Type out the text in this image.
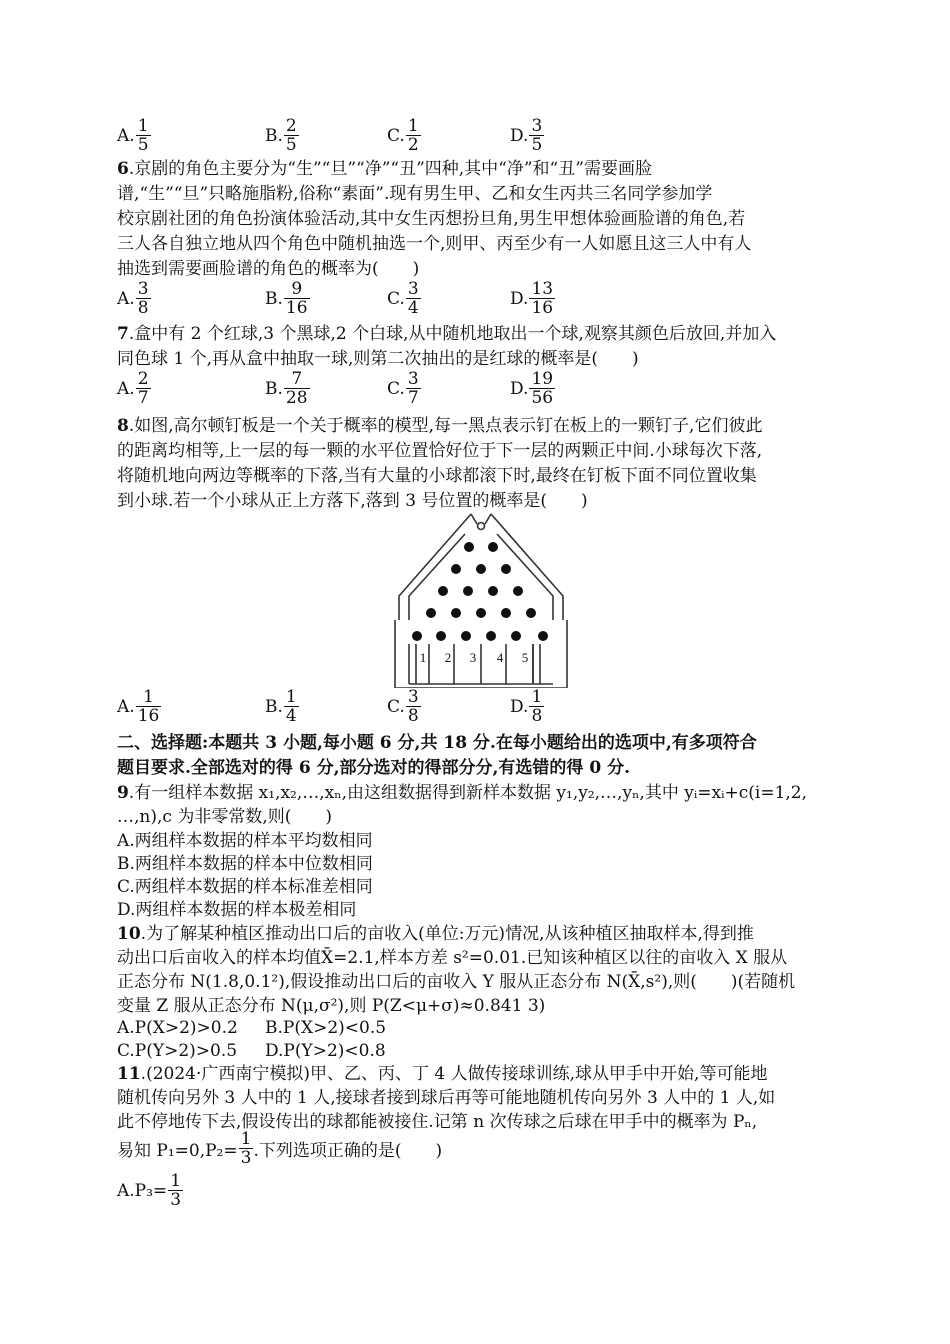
A. $\frac{1}{5}$	B. $\frac{2}{5}$	C. $\frac{1}{2}$	D. $\frac{3}{5}$
6.京剧的角色主要分为“生”“旦”“净”“丑”四种,其中“净”和“丑”需要画脸
谱,“生”“旦”只略施脂粉,俗称“素面”.现有男生甲、乙和女生丙共三名同学参加学
校京剧社团的角色扮演体验活动,其中女生丙想扮旦角,男生甲想体验画脸谱的角色,若
三人各自独立地从四个角色中随机抽选一个,则甲、丙至少有一人如愿且这三人中有人
抽选到需要画脸谱的角色的概率为(　　)
A. $\frac{3}{8}$	B. $\frac{9}{16}$	C. $\frac{3}{4}$	D. $\frac{13}{16}$
7.盒中有 2 个红球,3 个黑球,2 个白球,从中随机地取出一个球,观察其颜色后放回,并加入
同色球 1 个,再从盒中抽取一球,则第二次抽出的是红球的概率是(　　)
A. $\frac{2}{7}$	B. $\frac{7}{28}$	C. $\frac{3}{7}$	D. $\frac{19}{56}$
8.如图,高尔顿钉板是一个关于概率的模型,每一黑点表示钉在板上的一颗钉子,它们彼此
的距离均相等,上一层的每一颗的水平位置恰好位于下一层的两颗正中间.小球每次下落,
将随机地向两边等概率的下落,当有大量的小球都滚下时,最终在钉板下面不同位置收集
到小球.若一个小球从正上方落下,落到 3 号位置的概率是(　　)
1 2 3 4 5
A. $\frac{1}{16}$	B. $\frac{1}{4}$	C. $\frac{3}{8}$	D. $\frac{1}{8}$
二、选择题:本题共 3 小题,每小题 6 分,共 18 分.在每小题给出的选项中,有多项符合
题目要求.全部选对的得 6 分,部分选对的得部分分,有选错的得 0 分.
9.有一组样本数据 x₁,x₂,…,xₙ,由这组数据得到新样本数据 y₁,y₂,…,yₙ,其中 yᵢ=xᵢ+c(i=1,2,
…,n),c 为非零常数,则(　　)
A.两组样本数据的样本平均数相同
B.两组样本数据的样本中位数相同
C.两组样本数据的样本标准差相同
D.两组样本数据的样本极差相同
10.为了解某种植区推动出口后的亩收入(单位:万元)情况,从该种植区抽取样本,得到推
动出口后亩收入的样本均值X̄=2.1,样本方差 s²=0.01.已知该种植区以往的亩收入 X 服从
正态分布 N(1.8,0.1²),假设推动出口后的亩收入 Y 服从正态分布 N(X̄,s²),则(　　)(若随机
变量 Z 服从正态分布 N(μ,σ²),则 P(Z<μ+σ)≈0.841 3)
A.P(X>2)>0.2 B.P(X>2)<0.5
C.P(Y>2)>0.5 D.P(Y>2)<0.8
11.(2024·广西南宁模拟)甲、乙、丙、丁 4 人做传接球训练,球从甲手中开始,等可能地
随机传向另外 3 人中的 1 人,接球者接到球后再等可能地随机传向另外 3 人中的 1 人,如
此不停地传下去,假设传出的球都能被接住.记第 n 次传球之后球在甲手中的概率为 Pₙ,
易知 $P_1=0,P_2= \frac{1}{3}$ .下列选项正确的是(　　)
$A.P_3= \frac{1}{3}$
